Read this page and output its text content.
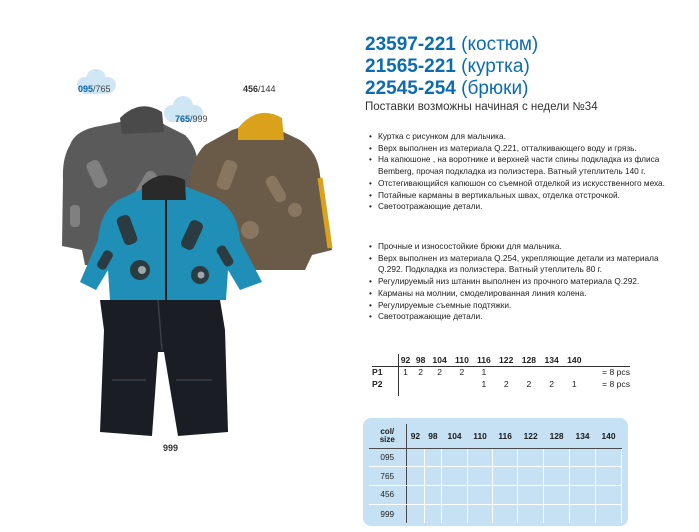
095/765	456/144
765/999
999
23597-221 (костюм)
21565-221 (куртка)
22545-254 (брюки)
Поставки возможны начиная с недели №34
• Куртка с рисунком для мальчика.
• Верх выполнен из материала Q.221, отталкивающего воду и грязь.
• На капюшоне , на воротнике и верхней части спины подкладка из флиса
Bemberg, прочая подкладка из полиэстера. Ватный утеплитель 140 г.
• Отстегивающийся капюшон со съемной отделкой из искусственного меха.
• Потайные карманы в вертикальных швах, отделка отстрочкой.
• Светоотражающие детали.
• Прочные и износостойкие брюки для мальчика.
• Верх выполнен из материала Q.254, укрепляющие детали из материала
Q.292. Подкладка из полиэстера. Ватный утеплитель 80 г.
• Регулируемый низ штанин выполнен из прочного материала Q.292.
• Карманы на молнии, смоделированная линия колена.
• Регулируемые съемные подтяжки.
• Светоотражающие детали.
	92	98	104	110	116	122	128	134	140	
P1	1	2	2	2	1					= 8 pcs
P2					1	2	2	2	1	= 8 pcs
col/
size	92	98	104	110	116	122	128	134	140
095									
765									
456									
999									
